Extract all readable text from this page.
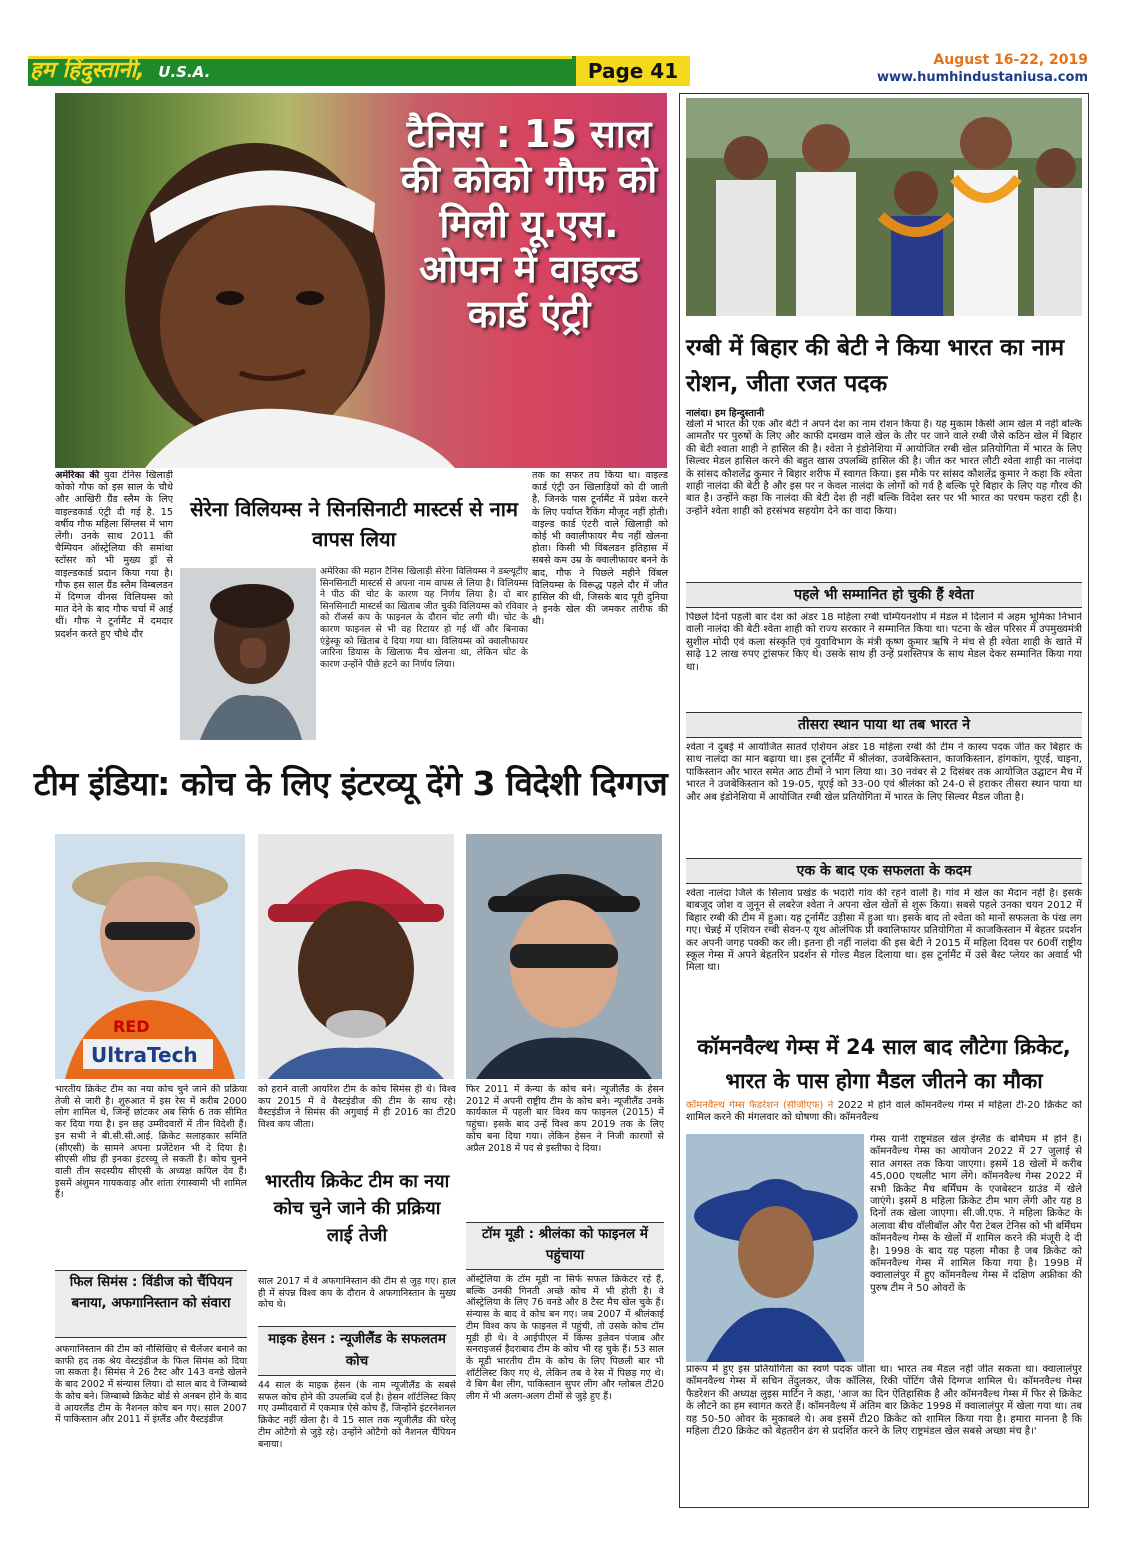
हम हिंदुस्तानी, U.S.A.	Page 41	August 16-22, 2019
www.humhindustaniusa.com
टैनिस : 15 साल की कोको गौफ को मिली यू.एस. ओपन में वाइल्ड कार्ड एंट्री
अमेरिका की युवा टेनिस खिलाड़ी कोको गौफ को इस साल के चौथे और आखिरी ग्रैंड स्लैम के लिए वाइल्डकार्ड एंट्री दी गई है. 15 वर्षीय गौफ महिला सिंग्लस में भाग लेंगी। उनके साथ 2011 की चैम्पियन ऑस्ट्रेलिया की समांथा स्टॉसर को भी मुख्य ड्रॉ से वाइल्डकार्ड प्रदान किया गया है। गौफ इस साल ग्रैंड स्लैम विम्बलडन में दिग्गज वीनस विलियम्स को मात देने के बाद गौफ चर्चा में आई थीं। गौफ ने टूर्नामैंट में दमदार प्रदर्शन करते हुए चौथे दौर
तक का सफर तय किया था। वाइल्ड कार्ड एंट्री उन खिलाड़ियों को दी जाती है, जिनके पास टूर्नामैंट में प्रवेश करने के लिए पर्याप्त रैंकिंग मौजूद नहीं होती। वाइल्ड कार्ड एंटरी वाले खिलाड़ी को कोई भी क्वालीफायर मैच नहीं खेलना होता। किसी भी विंबलडन इतिहास में सबसे कम उम्र के क्वालीफायर बनने के बाद, गौफ ने पिछले महीने विंबल विलियम्स के विरूद्ध पहले दौर में जीत हासिल की थी, जिसके बाद पूरी दुनिया ने इनके खेल की जमकर तारीफ की थी।
सेरेना विलियम्स ने सिनसिनाटी मास्टर्स से नाम वापस लिया
अमेरिका की महान टैनिस खिलाड़ी सेरेना विलियम्स ने डब्ल्यूटीए सिनसिनाटी मास्टर्स से अपना नाम वापस ले लिया है। विलियम्स ने पीठ की चोट के कारण यह निर्णय लिया है। दो बार सिनसिनाटी मास्टर्स का खिताब जीत चुकी विलियम्स को रविवार को रॉजर्स कप के फाइनल के दौरान चोट लगी थी। चोट के कारण फाइनल से भी वह रिटायर हो गई थीं और बिनाका एंड्रेस्कू को खिताब दे दिया गया था। विलियम्स को क्वालीफायर जारिना डियास के खिलाफ मैच खेलना था, लेकिन चोट के कारण उन्होंने पीछे हटने का निर्णय लिया।
रग्बी में बिहार की बेटी ने किया भारत का नाम रोशन, जीता रजत पदक
नालंदा। हम हिन्दुस्तानी
खेलों में भारत की एक और बेटी ने अपने देश का नाम रोशन किया है। यह मुकाम किसी आम खेल में नहीं बल्कि आमतौर पर पुरुषों के लिए और काफी दमखम वाले खेल के तौर पर जाने वाले रग्बी जैसे कठिन खेल में बिहार की बेटी श्वाता शाही ने हासिल की है। श्वेता ने इंडोनेशिया में आयोजित रग्बी खेल प्रतियोगिता में भारत के लिए सिल्वर मेडल हासिल करने की बहुत खास उपलब्धि हासिल की है। जीत कर भारत लौटी श्वेता शाही का नालंदा के सांसद कौशलेंद्र कुमार ने बिहार शरीफ में स्वागत किया। इस मौके पर सांसद कौशलेंद्र कुमार ने कहा कि श्वेता शाही नालंदा की बेटी है और इस पर न केवल नालंदा के लोगों को गर्व है बल्कि पूरे बिहार के लिए यह गौरव की बात है। उन्होंने कहा कि नालंदा की बेटी देश ही नहीं बल्कि विदेश स्तर पर भी भारत का परचम फहरा रही है। उन्होंने श्वेता शाही को हरसंभव सहयोग देने का वादा किया।
पहले भी सम्मानित हो चुकी हैं श्वेता
पिछले दिनों पहली बार देश को अंडर 18 महिला रग्बी चम्पियनशीप में मेडल में दिलाने में अहम भूमिका निभाने वाली नालंदा की बेटी श्वेता शाही को राज्य सरकार ने सम्मानित किया था। पटना के खेल परिसर में उपमुख्यमंत्री सुशील मोदी एवं कला संस्कृति एवं युवाविभाग के मंत्री कृष्ण कुमार ऋषि ने मंच से ही श्वेता शाही के खाते में साढ़े 12 लाख रुपए ट्रांसफर किए थे। उसके साथ ही उन्हें प्रशस्तिपत्र के साथ मेडल देकर सम्मानित किया गया था।
तीसरा स्थान पाया था तब भारत ने
श्वेता ने दुबई में आयोजित सातवें एशियन अंडर 18 महिला रग्बी की टीम ने कास्य पदक जीत कर बिहार के साथ नालंदा का मान बढ़ाया था। इस टूर्नामैंट में श्रीलंका, उजबेकिस्तान, काजकिस्तान, हांगकांग, यूएई, चाइना, पाकिस्तान और भारत समेत आठ टीमों ने भाग लिया था। 30 नवंबर से 2 दिसंबर तक आयोजित उद्घाटन मैच में भारत ने उजबेकिस्तान को 19-05, यूएई को 33-00 एवं श्रीलंका को 24-0 से हराकर तीसरा स्थान पाया था और अब इंडोनेशिया में आयोजित रग्बी खेल प्रतियोगिता में भारत के लिए सिल्वर मैडल जीता है।
एक के बाद एक सफलता के कदम
श्वेता नालंदा जिले के सिलाव प्रखंड के भदारी गांव की रहने वाली है। गांव में खेल का मैदान नहीं है। इसके बाबजूद जोश व जुनून से लबरेज श्वेता ने अपना खेल खेतों से शुरू किया। सबसे पहले उनका चयन 2012 में बिहार रग्बी की टीम में हुआ। यह टूर्नामैंट उड़ीसा में हुआ था। इसके बाद तो श्वेता को मानों सफलता के पंख लग गए। चेन्नई में एशियन रग्बी सेवन-ए यूथ ओलंपिक प्री क्वालिफायर प्रतियोगिता में काजकिस्तान में बेहतर प्रदर्शन कर अपनी जगह पक्की कर ली। इतना ही नहीं नालंदा की इस बेटी ने 2015 में महिला दिवस पर 60वीं राष्ट्रीय स्कूल गेम्स में अपने बेहतरिन प्रदर्शन से गोल्ड मैडल दिलाया था। इस टूर्नामैंट में उसे बैस्ट प्लेयर का अवार्ड भी मिला था।
कॉमनवैल्थ गेम्स में 24 साल बाद लौटेगा क्रिकेट, भारत के पास होगा मैडल जीतने का मौका
कॉमनवैल्थ गेम्स फैडरेशन (सीजीएफ) ने 2022 में होने वाले कॉमनवैल्थ गेम्स में महिला टी-20 क्रिकेट को शामिल करने की मंगलवार को घोषणा की। कॉमनवैल्थ
गेम्स यानी राष्ट्रमंडल खेल इंग्लैंड के बर्मिघम में होने हैं। कॉमनवैल्थ गेम्स का आयोजन 2022 में 27 जुलाई से सात अगस्त तक किया जाएगा। इसमें 18 खेलों में करीब 45,000 एथलीट भाग लेंगे। कॉमनवैल्थ गेम्स 2022 में सभी क्रिकेट मैच बर्मिंघम के एजबेस्टन ग्राउंड में खेले जाएंगे। इसमें 8 महिला क्रिकेट टीम भाग लेंगी और यह 8 दिनों तक खेला जाएगा। सी.जी.एफ. ने महिला क्रिकेट के अलावा बीच वॉलीबॉल और पैरा टेबल टेनिस को भी बर्मिंघम कॉमनवैल्थ गेम्स के खेलों में शामिल करने की मंजूरी दे दी है। 1998 के बाद यह पहला मौका है जब क्रिकेट को कॉमनवैल्थ गेम्स में शामिल किया गया है। 1998 में क्वालालंपुर में हुए कॉमनवैल्थ गेम्स में दक्षिण अफ्रीका की पुरुष टीम ने 50 ओवरों के
प्रारूप में हुए इस प्रतियोगिता का स्वर्ण पदक जीता था। भारत तब मैडल नहीं जीत सकता था। क्वालालंपुर कॉमनवैल्थ गेम्स में सचिन तेंदुलकर, जैक कॉलिस, रिकी पोंटिंग जैसे दिग्गज शामिल थे। कॉमनवैल्थ गेम्स फैडरेशन की अध्यक्ष लुइस मार्टिन ने कहा, 'आज का दिन ऐतिहासिक है और कॉमनवैल्थ गेम्स में फिर से क्रिकेट के लौटने का हम स्वागत करते हैं। कॉमनवैल्थ में अंतिम बार क्रिकेट 1998 में क्वालालंपुर में खेला गया था। तब यह 50-50 ओवर के मुकाबले थे। अब इसमें टी20 क्रिकेट को शामिल किया गया है। हमारा मानना है कि महिला टी20 क्रिकेट को बेहतरीन ढंग से प्रदर्शित करने के लिए राष्ट्रमंडल खेल सबसे अच्छा मंच है।'
टीम इंडिया: कोच के लिए इंटरव्यू देंगे 3 विदेशी दिग्गज
RED
UltraTech
भारतीय क्रिकेट टीम का नया कोच चुने जाने की प्रक्रिया तेजी से जारी है। शुरुआत में इस रेस में करीब 2000 लोग शामिल थे, जिन्हें छांटकर अब सिर्फ 6 तक सीमित कर दिया गया है। इन छह उम्मीदवारों में तीन विदेशी हैं। इन सभी ने बी.सी.सी.आई. क्रिकेट सलाहकार समिति (सीएसी) के सामने अपना प्रजेंटेशन भी दे दिया है। सीएसी शीघ्र ही इनका इंटरव्यू ले सकती है। कोच चुनने वाली तीन सदस्यीय सीएसी के अध्यक्ष कपिल देव हैं। इसमें अंशुमन गायकवाड़ और शांता रंगास्वामी भी शामिल हैं।
फिल सिमंस : विंडीज को चैंपियन बनाया, अफगानिस्तान को संवारा
अफगानिस्तान की टीम को नौसिखिए से चैलेंजर बनाने का काफी हद तक श्रेय वेस्टइंडीज के फिल सिमंस को दिया जा सकता है। सिमंस ने 26 टैस्ट और 143 वनडे खेलने के बाद 2002 में संन्यास लिया। दो साल बाद वे जिम्बाब्वे के कोच बने। जिम्बाब्वे क्रिकेट बोर्ड से अनबन होने के बाद वे आयरलैंड टीम के नैशनल कोच बन गए। साल 2007 में पाकिस्तान और 2011 में इंग्लैंड और वैस्टइंडीज
को हराने वाली आयरिश टीम के कोच सिमंस ही थे। विश्व कप 2015 में वे वैस्टइंडीज की टीम के साथ रहे। वैस्टइंडीज ने सिमंस की अगुवाई में ही 2016 का टी20 विश्व कप जीता।
भारतीय क्रिकेट टीम का नया कोच चुने जाने की प्रक्रिया लाई तेजी
साल 2017 में वे अफगानिस्तान की टीम से जुड़ गए। हाल ही में संपन्न विश्व कप के दौरान वे अफगानिस्तान के मुख्य कोच थे।
माइक हेसन : न्यूजीलैंड के सफलतम कोच
44 साल के माइक हेसन (के नाम न्यूजीलैंड के सबसे सफल कोच होने की उपलब्धि दर्ज है। हेसन शॉर्टलिस्ट किए गए उम्मीदवारों में एकमात्र ऐसे कोच हैं, जिन्होंने इंटरनेशनल क्रिकेट नहीं खेला है। वे 15 साल तक न्यूजीलैंड की घरेलू टीम ओटैगो से जुड़े रहे। उन्होंने ओटैगो को नैशनल चैंपियन बनाया।
फिर 2011 में केन्या के कोच बने। न्यूजीलैंड के हेसन 2012 में अपनी राष्ट्रीय टीम के कोच बने। न्यूजीलैंड उनके कार्यकाल में पहली बार विश्व कप फाइनल (2015) में पहुंचा। इसके बाद उन्हें विश्व कप 2019 तक के लिए कोच बना दिया गया। लेकिन हेसन ने निजी कारणों से अप्रैल 2018 में पद से इस्तीफा दे दिया।
टॉम मूडी : श्रीलंका को फाइनल में पहुंचाया
ऑस्ट्रेलिया के टॉम मूडी ना सिर्फ सफल क्रिकेटर रहे हैं, बल्कि उनकी गिनती अच्छे कोच में भी होती है। वे ऑस्ट्रेलिया के लिए 76 वनडे और 8 टैस्ट मैच खेल चुके हैं। संन्यास के बाद वे कोच बन गए। जब 2007 में श्रीलंकाई टीम विश्व कप के फाइनल में पहुंची, तो उसके कोच टॉम मूडी ही थे। वे आईपीएल में किंग्स इलेवन पंजाब और सनराइजर्स हैदराबाद टीम के कोच भी रह चुके हैं। 53 साल के मूडी भारतीय टीम के कोच के लिए पिछली बार भी शॉर्टलिस्ट किए गए थे, लेकिन तब वे रेस में पिछड़ गए थे। वे बिग बैश लीग, पाकिस्तान सुपर लीग और ग्लोबल टी20 लीग में भी अलग-अलग टीमों से जुड़े हुए हैं।
